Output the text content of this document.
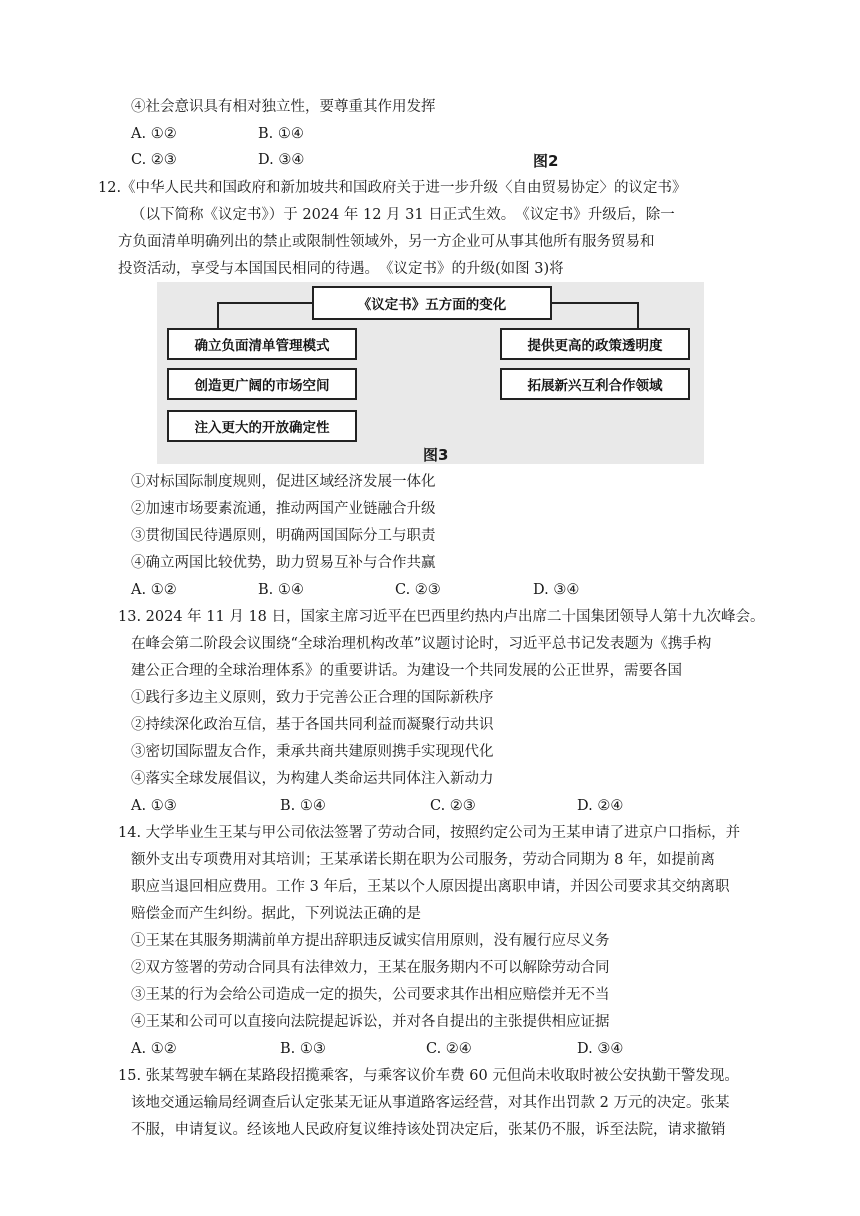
④社会意识具有相对独立性，要尊重其作用发挥
A. ①②	B. ①④
C. ②③	D. ③④	图2
12.《中华人民共和国政府和新加坡共和国政府关于进一步升级〈自由贸易协定〉的议定书》
（以下简称《议定书》）于 2024 年 12 月 31 日正式生效。　《议定书》升级后，除一
方负面清单明确列出的禁止或限制性领域外，另一方企业可从事其他所有服务贸易和
投资活动，享受与本国国民相同的待遇。　《议定书》的升级(如图 3)将
《议定书》五方面的变化
确立负面清单管理模式
创造更广阔的市场空间
注入更大的开放确定性
提供更高的政策透明度
拓展新兴互利合作领域
图3
①对标国际制度规则，促进区域经济发展一体化
②加速市场要素流通，推动两国产业链融合升级
③贯彻国民待遇原则，明确两国国际分工与职责
④确立两国比较优势，助力贸易互补与合作共赢
A. ①②	B. ①④	C. ②③	D. ③④
13. 2024 年 11 月 18 日，国家主席习近平在巴西里约热内卢出席二十国集团领导人第十九次峰会。
在峰会第二阶段会议围绕“全球治理机构改革”议题讨论时，习近平总书记发表题为《携手构
建公正合理的全球治理体系》的重要讲话。为建设一个共同发展的公正世界，需要各国
①践行多边主义原则，致力于完善公正合理的国际新秩序
②持续深化政治互信，基于各国共同利益而凝聚行动共识
③密切国际盟友合作，秉承共商共建原则携手实现现代化
④落实全球发展倡议，为构建人类命运共同体注入新动力
A. ①③	B. ①④	C. ②③	D. ②④
14. 大学毕业生王某与甲公司依法签署了劳动合同，按照约定公司为王某申请了进京户口指标，并
额外支出专项费用对其培训；王某承诺长期在职为公司服务，劳动合同期为 8 年，如提前离
职应当退回相应费用。工作 3 年后，王某以个人原因提出离职申请，并因公司要求其交纳离职
赔偿金而产生纠纷。据此，下列说法正确的是
①王某在其服务期满前单方提出辞职违反诚实信用原则，没有履行应尽义务
②双方签署的劳动合同具有法律效力，王某在服务期内不可以解除劳动合同
③王某的行为会给公司造成一定的损失，公司要求其作出相应赔偿并无不当
④王某和公司可以直接向法院提起诉讼，并对各自提出的主张提供相应证据
A. ①②	B. ①③	C. ②④	D. ③④
15. 张某驾驶车辆在某路段招揽乘客，与乘客议价车费 60 元但尚未收取时被公安执勤干警发现。
该地交通运输局经调查后认定张某无证从事道路客运经营，对其作出罚款 2 万元的决定。张某
不服，申请复议。经该地人民政府复议维持该处罚决定后，张某仍不服，诉至法院，请求撤销
